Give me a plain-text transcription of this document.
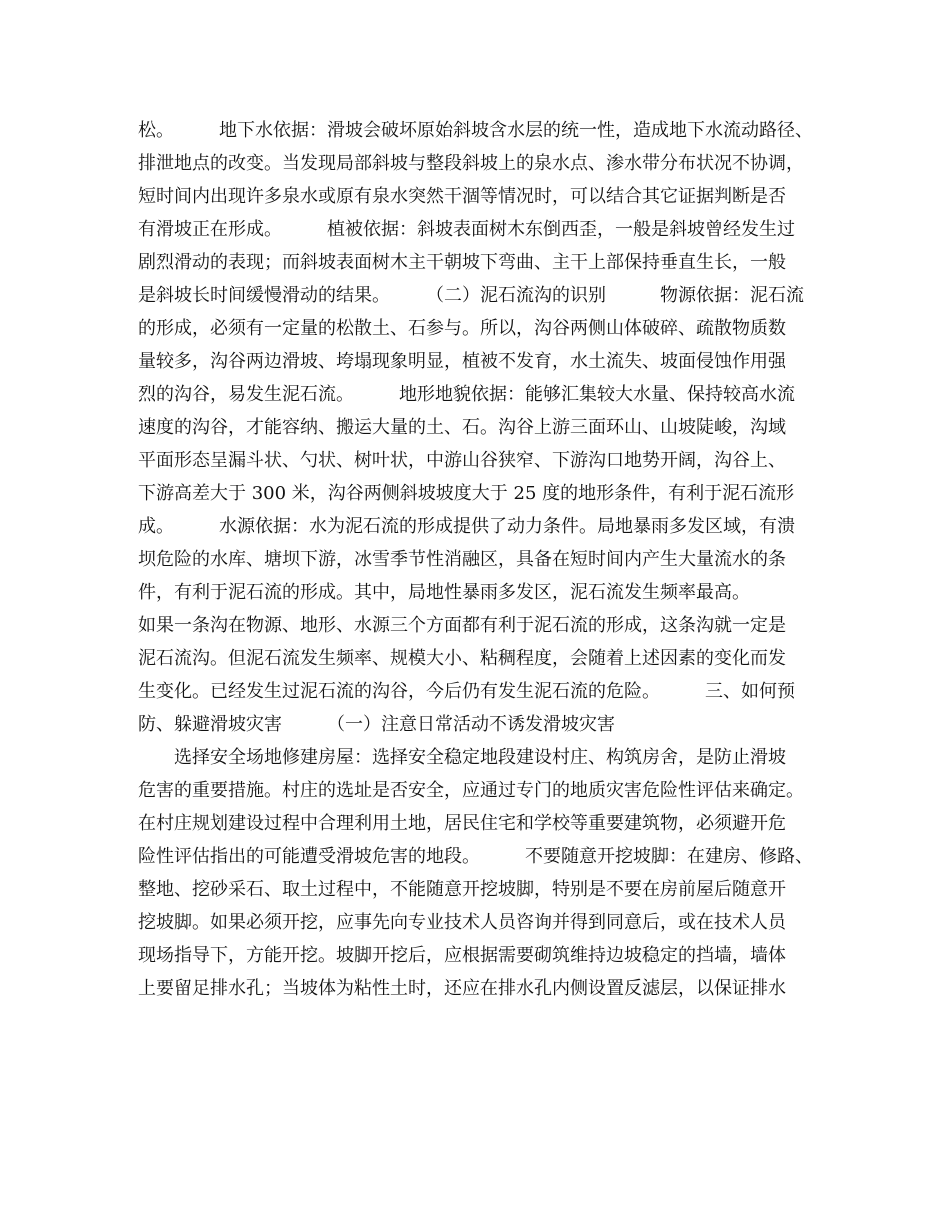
松。　　　地下水依据：滑坡会破坏原始斜坡含水层的统一性，造成地下水流动路径、
排泄地点的改变。当发现局部斜坡与整段斜坡上的泉水点、渗水带分布状况不协调，
短时间内出现许多泉水或原有泉水突然干涸等情况时，可以结合其它证据判断是否
有滑坡正在形成。　　　植被依据：斜坡表面树木东倒西歪，一般是斜坡曾经发生过
剧烈滑动的表现；而斜坡表面树木主干朝坡下弯曲、主干上部保持垂直生长，一般
是斜坡长时间缓慢滑动的结果。　　　（二）泥石流沟的识别　　　物源依据：泥石流
的形成，必须有一定量的松散土、石参与。所以，沟谷两侧山体破碎、疏散物质数
量较多，沟谷两边滑坡、垮塌现象明显，植被不发育，水土流失、坡面侵蚀作用强
烈的沟谷，易发生泥石流。　　　地形地貌依据：能够汇集较大水量、保持较高水流
速度的沟谷，才能容纳、搬运大量的土、石。沟谷上游三面环山、山坡陡峻，沟域
平面形态呈漏斗状、勺状、树叶状，中游山谷狭窄、下游沟口地势开阔，沟谷上、
下游高差大于 300 米，沟谷两侧斜坡坡度大于 25 度的地形条件，有利于泥石流形
成。　　　水源依据：水为泥石流的形成提供了动力条件。局地暴雨多发区域，有溃
坝危险的水库、塘坝下游，冰雪季节性消融区，具备在短时间内产生大量流水的条
件，有利于泥石流的形成。其中，局地性暴雨多发区，泥石流发生频率最高。
如果一条沟在物源、地形、水源三个方面都有利于泥石流的形成，这条沟就一定是
泥石流沟。但泥石流发生频率、规模大小、粘稠程度，会随着上述因素的变化而发
生变化。已经发生过泥石流的沟谷，今后仍有发生泥石流的危险。　　　三、如何预
防、躲避滑坡灾害　　　（一）注意日常活动不诱发滑坡灾害
　　选择安全场地修建房屋：选择安全稳定地段建设村庄、构筑房舍，是防止滑坡
危害的重要措施。村庄的选址是否安全，应通过专门的地质灾害危险性评估来确定。
在村庄规划建设过程中合理利用土地，居民住宅和学校等重要建筑物，必须避开危
险性评估指出的可能遭受滑坡危害的地段。　　　不要随意开挖坡脚：在建房、修路、
整地、挖砂采石、取土过程中，不能随意开挖坡脚，特别是不要在房前屋后随意开
挖坡脚。如果必须开挖，应事先向专业技术人员咨询并得到同意后，或在技术人员
现场指导下，方能开挖。坡脚开挖后，应根据需要砌筑维持边坡稳定的挡墙，墙体
上要留足排水孔；当坡体为粘性土时，还应在排水孔内侧设置反滤层，以保证排水
